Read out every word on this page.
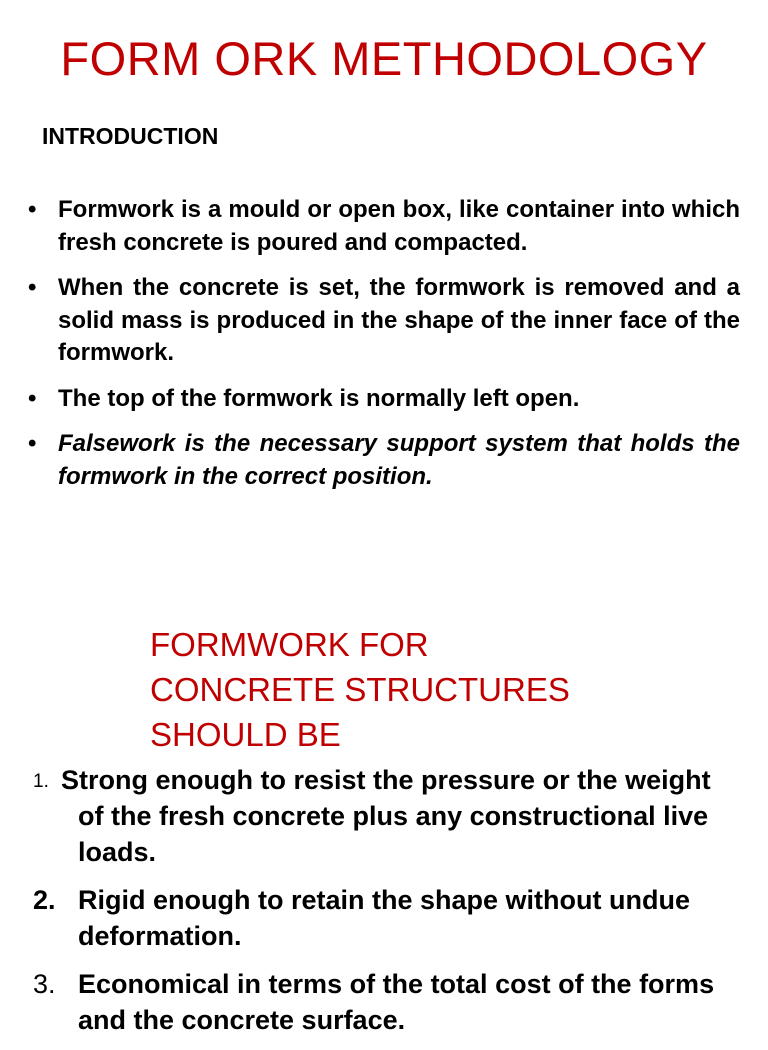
FORM ORK METHODOLOGY
INTRODUCTION
• Formwork is a mould or open box, like container into which fresh concrete is poured and compacted.
• When the concrete is set, the formwork is removed and a solid mass is produced in the shape of the inner face of the formwork.
• The top of the formwork is normally left open.
• Falsework is the necessary support system that holds the formwork in the correct position.
FORMWORK FOR
CONCRETE STRUCTURES
SHOULD BE
1. Strong enough to resist the pressure or the weight of the fresh concrete plus any constructional live loads.
2. Rigid enough to retain the shape without undue deformation.
3. Economical in terms of the total cost of the forms and the concrete surface.
